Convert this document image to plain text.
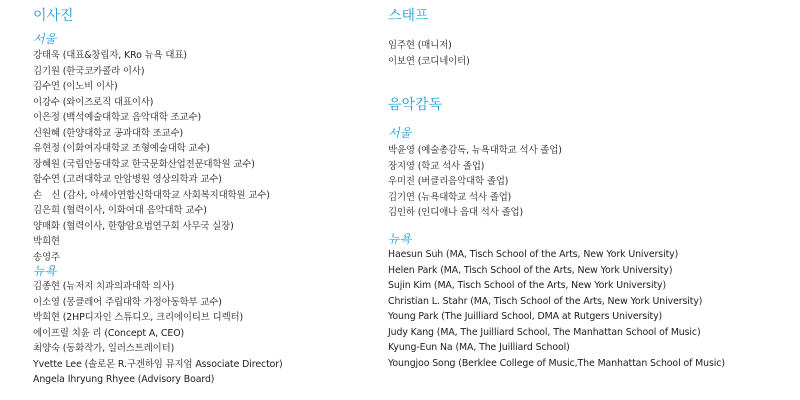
이사진
서울
강태욱 (대표&창립자, KRo 뉴욕 대표)
김기원 (한국코카콜라 이사)
김수연 (이노비 이사)
이강수 (와이즈로직 대표이사)
이은정 (백석예술대학교 음악대학 조교수)
신원혜 (한양대학교 공과대학 조교수)
유현정 (이화여자대학교 조형예술대학 교수)
장혜원 (국립안동대학교 한국문화산업전문대학원 교수)
함수연 (고려대학교 안암병원 영상의학과 교수)
손　신 (감사, 아세아연합신학대학교 사회복지대학원 교수)
김은희 (협력이사, 이화여대 음악대학 교수)
양매화 (협력이사, 한향암요법연구회 사무국 실장)
박희현
송영주
뉴욕
김종현 (뉴저지 치과의과대학 의사)
이소영 (몽클레어 주립대학 가정아동학부 교수)
박희현 (2HP디자인 스튜디오, 크리에이티브 디렉터)
에이프릴 치윤 리 (Concept A, CEO)
최양숙 (동화작가, 일러스트레이터)
Yvette Lee (솔로몬 R.구겐하임 뮤지엄 Associate Director)
Angela Ihryung Rhyee (Advisory Board)
스태프
임주현 (매니저)
이보연 (코디네이터)
음악감독
서울
박윤영 (예술총감독, 뉴욕대학교 석사 졸업)
장지영 (학교 석사 졸업)
우미진 (버클리음악대학 졸업)
김기연 (뉴욕대학교 석사 졸업)
김인하 (인디애나 음대 석사 졸업)
뉴욕
Haesun Suh (MA, Tisch School of the Arts, New York University)
Helen Park (MA, Tisch School of the Arts, New York University)
Sujin Kim (MA, Tisch School of the Arts, New York University)
Christian L. Stahr (MA, Tisch School of the Arts, New York University)
Young Park (The Juilliard School, DMA at Rutgers University)
Judy Kang (MA, The Juilliard School, The Manhattan School of Music)
Kyung-Eun Na (MA, The Juilliard School)
Youngjoo Song (Berklee College of Music,The Manhattan School of Music)
